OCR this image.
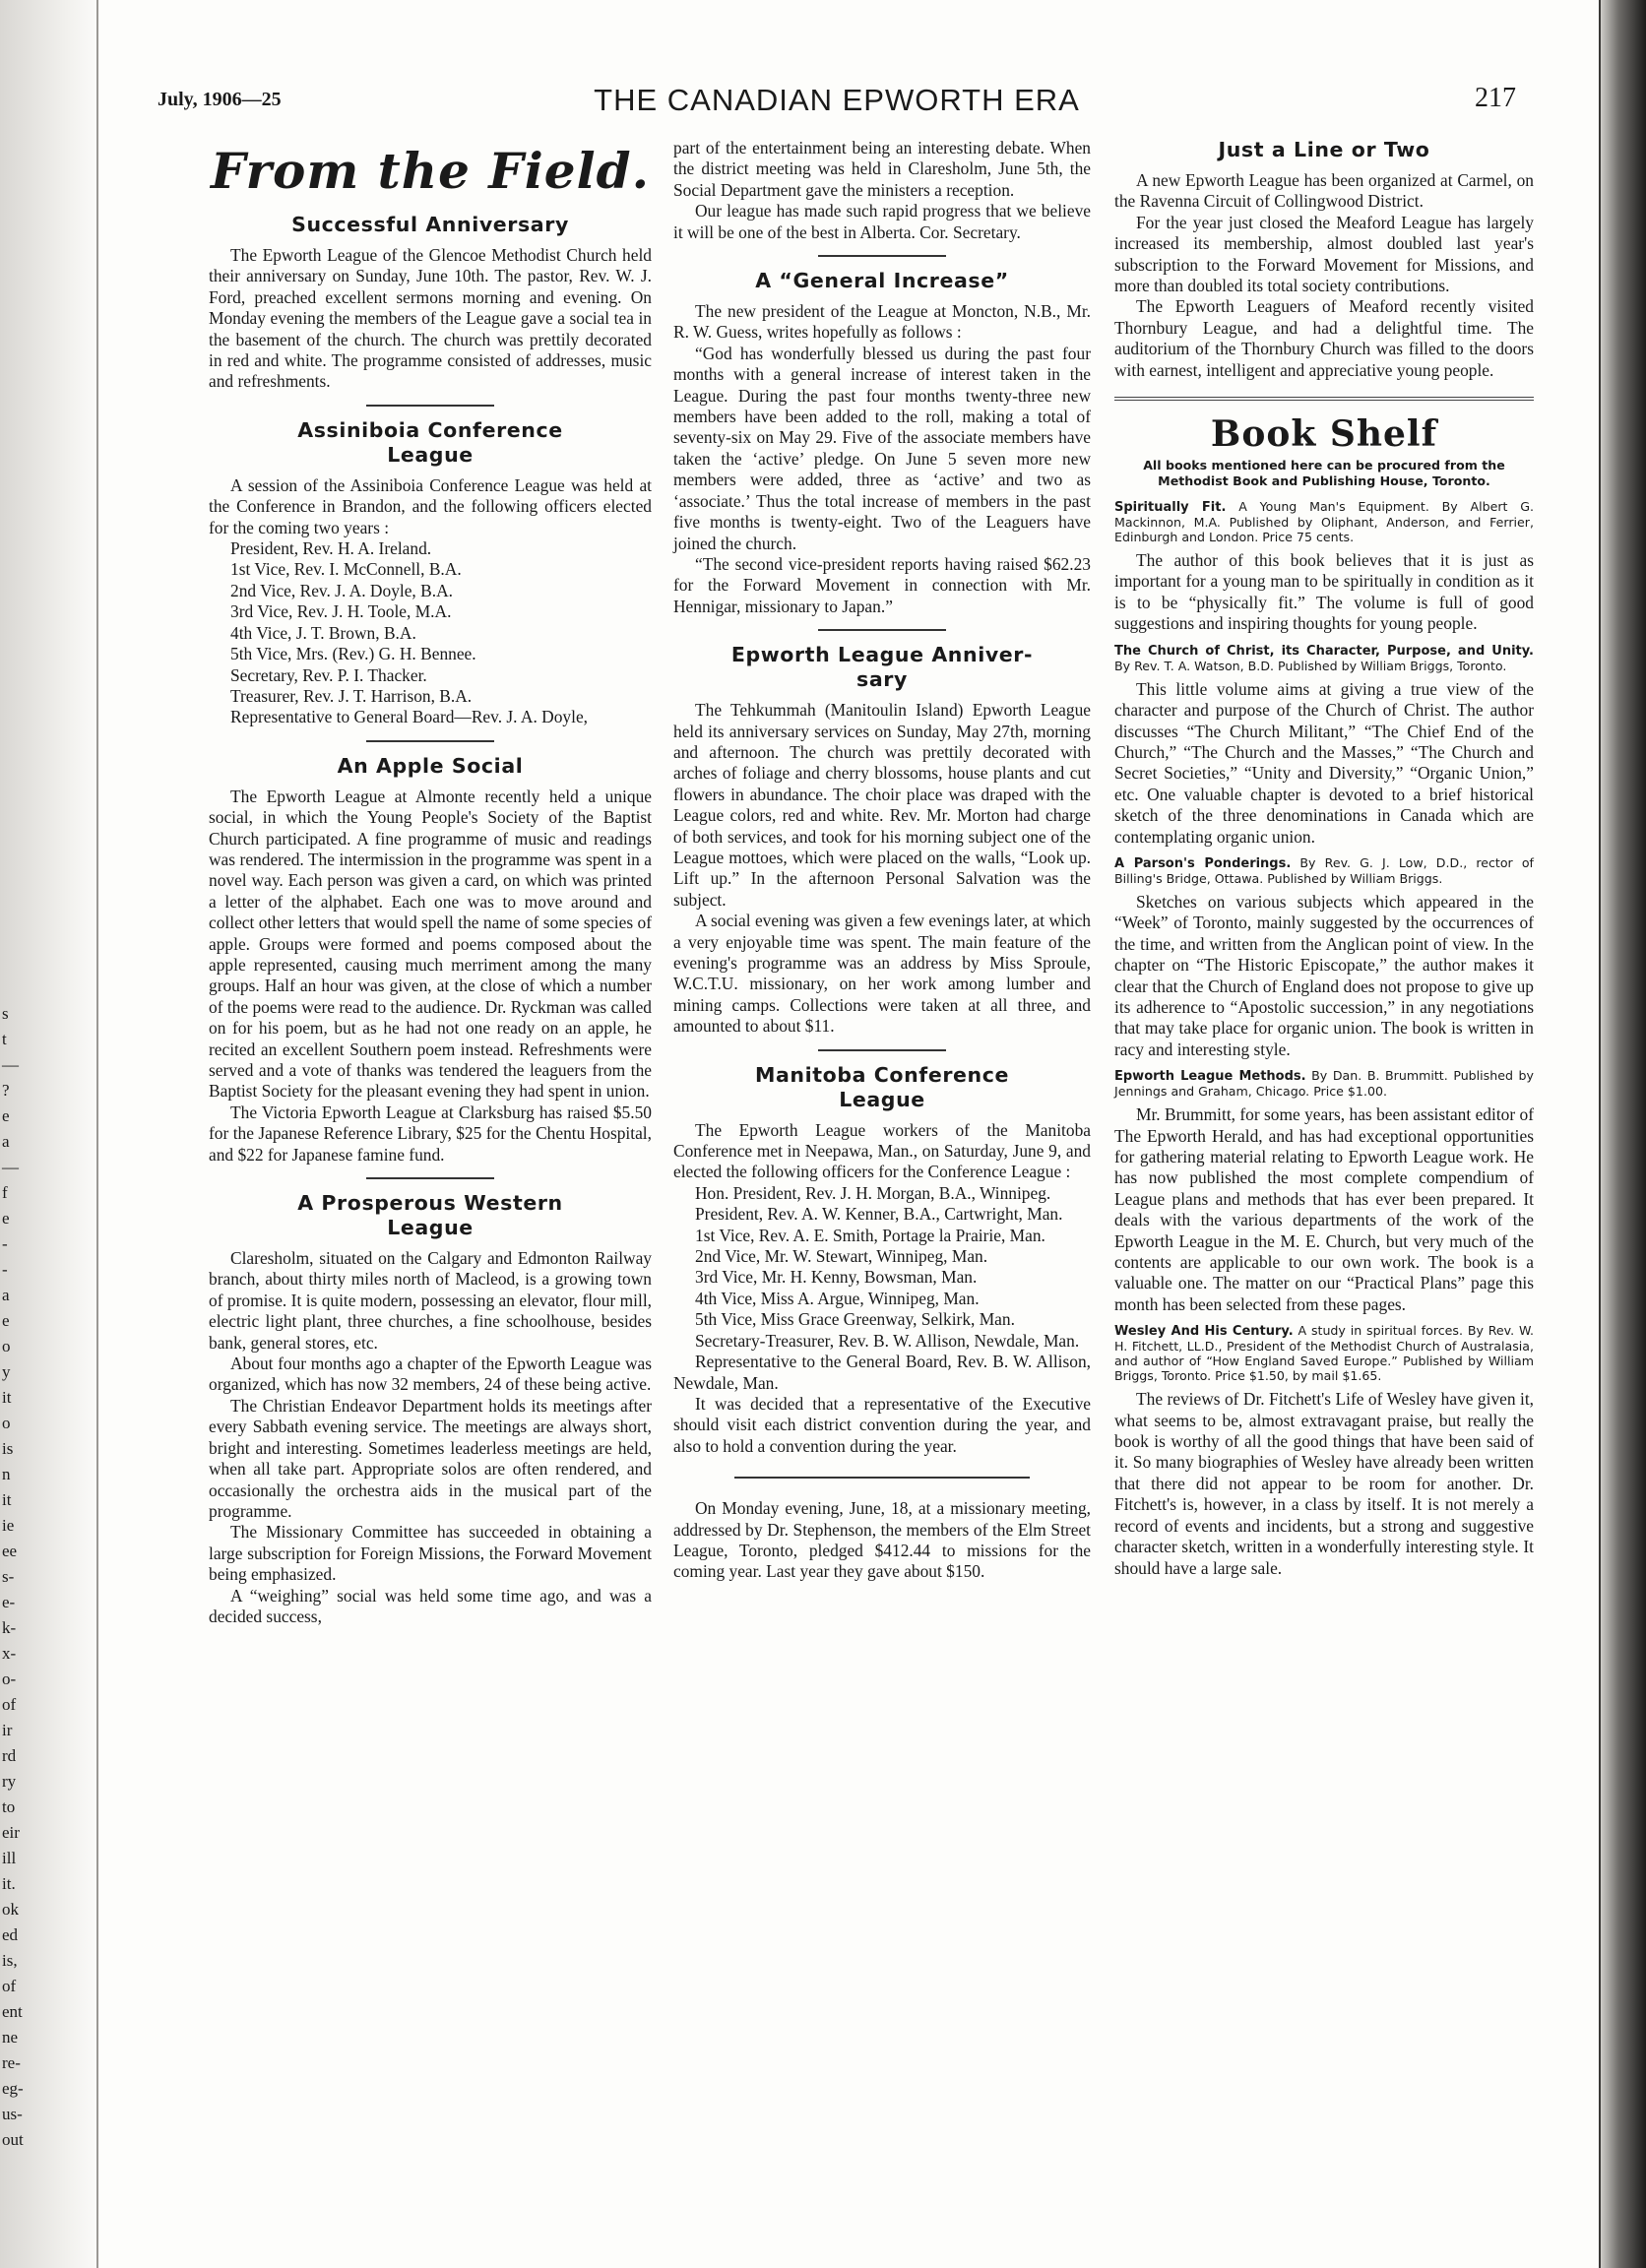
s
t
—
?
e
a
—
f
e
-
-
a
e
o
y
it
o
is
n
it
ie
ee
s-
e-
k-
x-
o-
of
ir
rd
ry
to
eir
ill
it.
ok
ed
is,
of
ent
ne
re-
eg-
us-
out
July, 1906—25	THE CANADIAN EPWORTH ERA	217
From the Field.
Successful Anniversary

The Epworth League of the Glencoe Methodist Church held their anniversary on Sunday, June 10th. The pastor, Rev. W. J. Ford, preached excellent sermons morning and evening. On Monday evening the members of the League gave a social tea in the basement of the church. The church was prettily decorated in red and white. The programme consisted of addresses, music and refreshments.

Assiniboia Conference
League

A session of the Assiniboia Conference League was held at the Conference in Brandon, and the following officers elected for the coming two years :

President, Rev. H. A. Ireland.

1st Vice, Rev. I. McConnell, B.A.

2nd Vice, Rev. J. A. Doyle, B.A.

3rd Vice, Rev. J. H. Toole, M.A.

4th Vice, J. T. Brown, B.A.

5th Vice, Mrs. (Rev.) G. H. Bennee.

Secretary, Rev. P. I. Thacker.

Treasurer, Rev. J. T. Harrison, B.A.

Representative to General Board—Rev. J. A. Doyle,

An Apple Social

The Epworth League at Almonte recently held a unique social, in which the Young People's Society of the Baptist Church participated. A fine programme of music and readings was rendered. The intermission in the programme was spent in a novel way. Each person was given a card, on which was printed a letter of the alphabet. Each one was to move around and collect other letters that would spell the name of some species of apple. Groups were formed and poems composed about the apple represented, causing much merriment among the many groups. Half an hour was given, at the close of which a number of the poems were read to the audience. Dr. Ryckman was called on for his poem, but as he had not one ready on an apple, he recited an excellent Southern poem instead. Refreshments were served and a vote of thanks was tendered the leaguers from the Baptist Society for the pleasant evening they had spent in union.

The Victoria Epworth League at Clarksburg has raised $5.50 for the Japanese Reference Library, $25 for the Chentu Hospital, and $22 for Japanese famine fund.

A Prosperous Western
League

Claresholm, situated on the Calgary and Edmonton Railway branch, about thirty miles north of Macleod, is a growing town of promise. It is quite modern, possessing an elevator, flour mill, electric light plant, three churches, a fine schoolhouse, besides bank, general stores, etc.

About four months ago a chapter of the Epworth League was organized, which has now 32 members, 24 of these being active.

The Christian Endeavor Department holds its meetings after every Sabbath evening service. The meetings are always short, bright and interesting. Sometimes leaderless meetings are held, when all take part. Appropriate solos are often rendered, and occasionally the orchestra aids in the musical part of the programme.

The Missionary Committee has succeeded in obtaining a large subscription for Foreign Missions, the Forward Movement being emphasized.

A “weighing” social was held some time ago, and was a decided success,

part of the entertainment being an interesting debate. When the district meeting was held in Claresholm, June 5th, the Social Department gave the ministers a reception.

Our league has made such rapid progress that we believe it will be one of the best in Alberta. Cor. Secretary.

A “General Increase”

The new president of the League at Moncton, N.B., Mr. R. W. Guess, writes hopefully as follows :

“God has wonderfully blessed us during the past four months with a general increase of interest taken in the League. During the past four months twenty-three new members have been added to the roll, making a total of seventy-six on May 29. Five of the associate members have taken the ‘active’ pledge. On June 5 seven more new members were added, three as ‘active’ and two as ‘associate.’ Thus the total increase of members in the past five months is twenty-eight. Two of the Leaguers have joined the church.

“The second vice-president reports having raised $62.23 for the Forward Movement in connection with Mr. Hennigar, missionary to Japan.”

Epworth League Anniver-
sary

The Tehkummah (Manitoulin Island) Epworth League held its anniversary services on Sunday, May 27th, morning and afternoon. The church was prettily decorated with arches of foliage and cherry blossoms, house plants and cut flowers in abundance. The choir place was draped with the League colors, red and white. Rev. Mr. Morton had charge of both services, and took for his morning subject one of the League mottoes, which were placed on the walls, “Look up. Lift up.” In the afternoon Personal Salvation was the subject.

A social evening was given a few evenings later, at which a very enjoyable time was spent. The main feature of the evening's programme was an address by Miss Sproule, W.C.T.U. missionary, on her work among lumber and mining camps. Collections were taken at all three, and amounted to about $11.

Manitoba Conference
League

The Epworth League workers of the Manitoba Conference met in Neepawa, Man., on Saturday, June 9, and elected the following officers for the Conference League :

Hon. President, Rev. J. H. Morgan, B.A., Winnipeg.

President, Rev. A. W. Kenner, B.A., Cartwright, Man.

1st Vice, Rev. A. E. Smith, Portage la Prairie, Man.

2nd Vice, Mr. W. Stewart, Winnipeg, Man.

3rd Vice, Mr. H. Kenny, Bowsman, Man.

4th Vice, Miss A. Argue, Winnipeg, Man.

5th Vice, Miss Grace Greenway, Selkirk, Man.

Secretary-Treasurer, Rev. B. W. Allison, Newdale, Man.

Representative to the General Board, Rev. B. W. Allison, Newdale, Man.

It was decided that a representative of the Executive should visit each district convention during the year, and also to hold a convention during the year.

On Monday evening, June, 18, at a missionary meeting, addressed by Dr. Stephenson, the members of the Elm Street League, Toronto, pledged $412.44 to missions for the coming year. Last year they gave about $150.

Just a Line or Two

A new Epworth League has been organized at Carmel, on the Ravenna Circuit of Collingwood District.

For the year just closed the Meaford League has largely increased its membership, almost doubled last year's subscription to the Forward Movement for Missions, and more than doubled its total society contributions.

The Epworth Leaguers of Meaford recently visited Thornbury League, and had a delightful time. The auditorium of the Thornbury Church was filled to the doors with earnest, intelligent and appreciative young people.

Book Shelf
All books mentioned here can be procured from the Methodist Book and Publishing House, Toronto.
Spiritually Fit. A Young Man's Equipment. By Albert G. Mackinnon, M.A. Published by Oliphant, Anderson, and Ferrier, Edinburgh and London. Price 75 cents.

The author of this book believes that it is just as important for a young man to be spiritually in condition as it is to be “physically fit.” The volume is full of good suggestions and inspiring thoughts for young people.

The Church of Christ, its Character, Purpose, and Unity. By Rev. T. A. Watson, B.D. Published by William Briggs, Toronto.

This little volume aims at giving a true view of the character and purpose of the Church of Christ. The author discusses “The Church Militant,” “The Chief End of the Church,” “The Church and the Masses,” “The Church and Secret Societies,” “Unity and Diversity,” “Organic Union,” etc. One valuable chapter is devoted to a brief historical sketch of the three denominations in Canada which are contemplating organic union.

A Parson's Ponderings. By Rev. G. J. Low, D.D., rector of Billing's Bridge, Ottawa. Published by William Briggs.

Sketches on various subjects which appeared in the “Week” of Toronto, mainly suggested by the occurrences of the time, and written from the Anglican point of view. In the chapter on “The Historic Episcopate,” the author makes it clear that the Church of England does not propose to give up its adherence to “Apostolic succession,” in any negotiations that may take place for organic union. The book is written in racy and interesting style.

Epworth League Methods. By Dan. B. Brummitt. Published by Jennings and Graham, Chicago. Price $1.00.

Mr. Brummitt, for some years, has been assistant editor of The Epworth Herald, and has had exceptional opportunities for gathering material relating to Epworth League work. He has now published the most complete compendium of League plans and methods that has ever been prepared. It deals with the various departments of the work of the Epworth League in the M. E. Church, but very much of the contents are applicable to our own work. The book is a valuable one. The matter on our “Practical Plans” page this month has been selected from these pages.

Wesley And His Century. A study in spiritual forces. By Rev. W. H. Fitchett, LL.D., President of the Methodist Church of Australasia, and author of “How England Saved Europe.” Published by William Briggs, Toronto. Price $1.50, by mail $1.65.

The reviews of Dr. Fitchett's Life of Wesley have given it, what seems to be, almost extravagant praise, but really the book is worthy of all the good things that have been said of it. So many biographies of Wesley have already been written that there did not appear to be room for another. Dr. Fitchett's is, however, in a class by itself. It is not merely a record of events and incidents, but a strong and suggestive character sketch, written in a wonderfully interesting style. It should have a large sale.
